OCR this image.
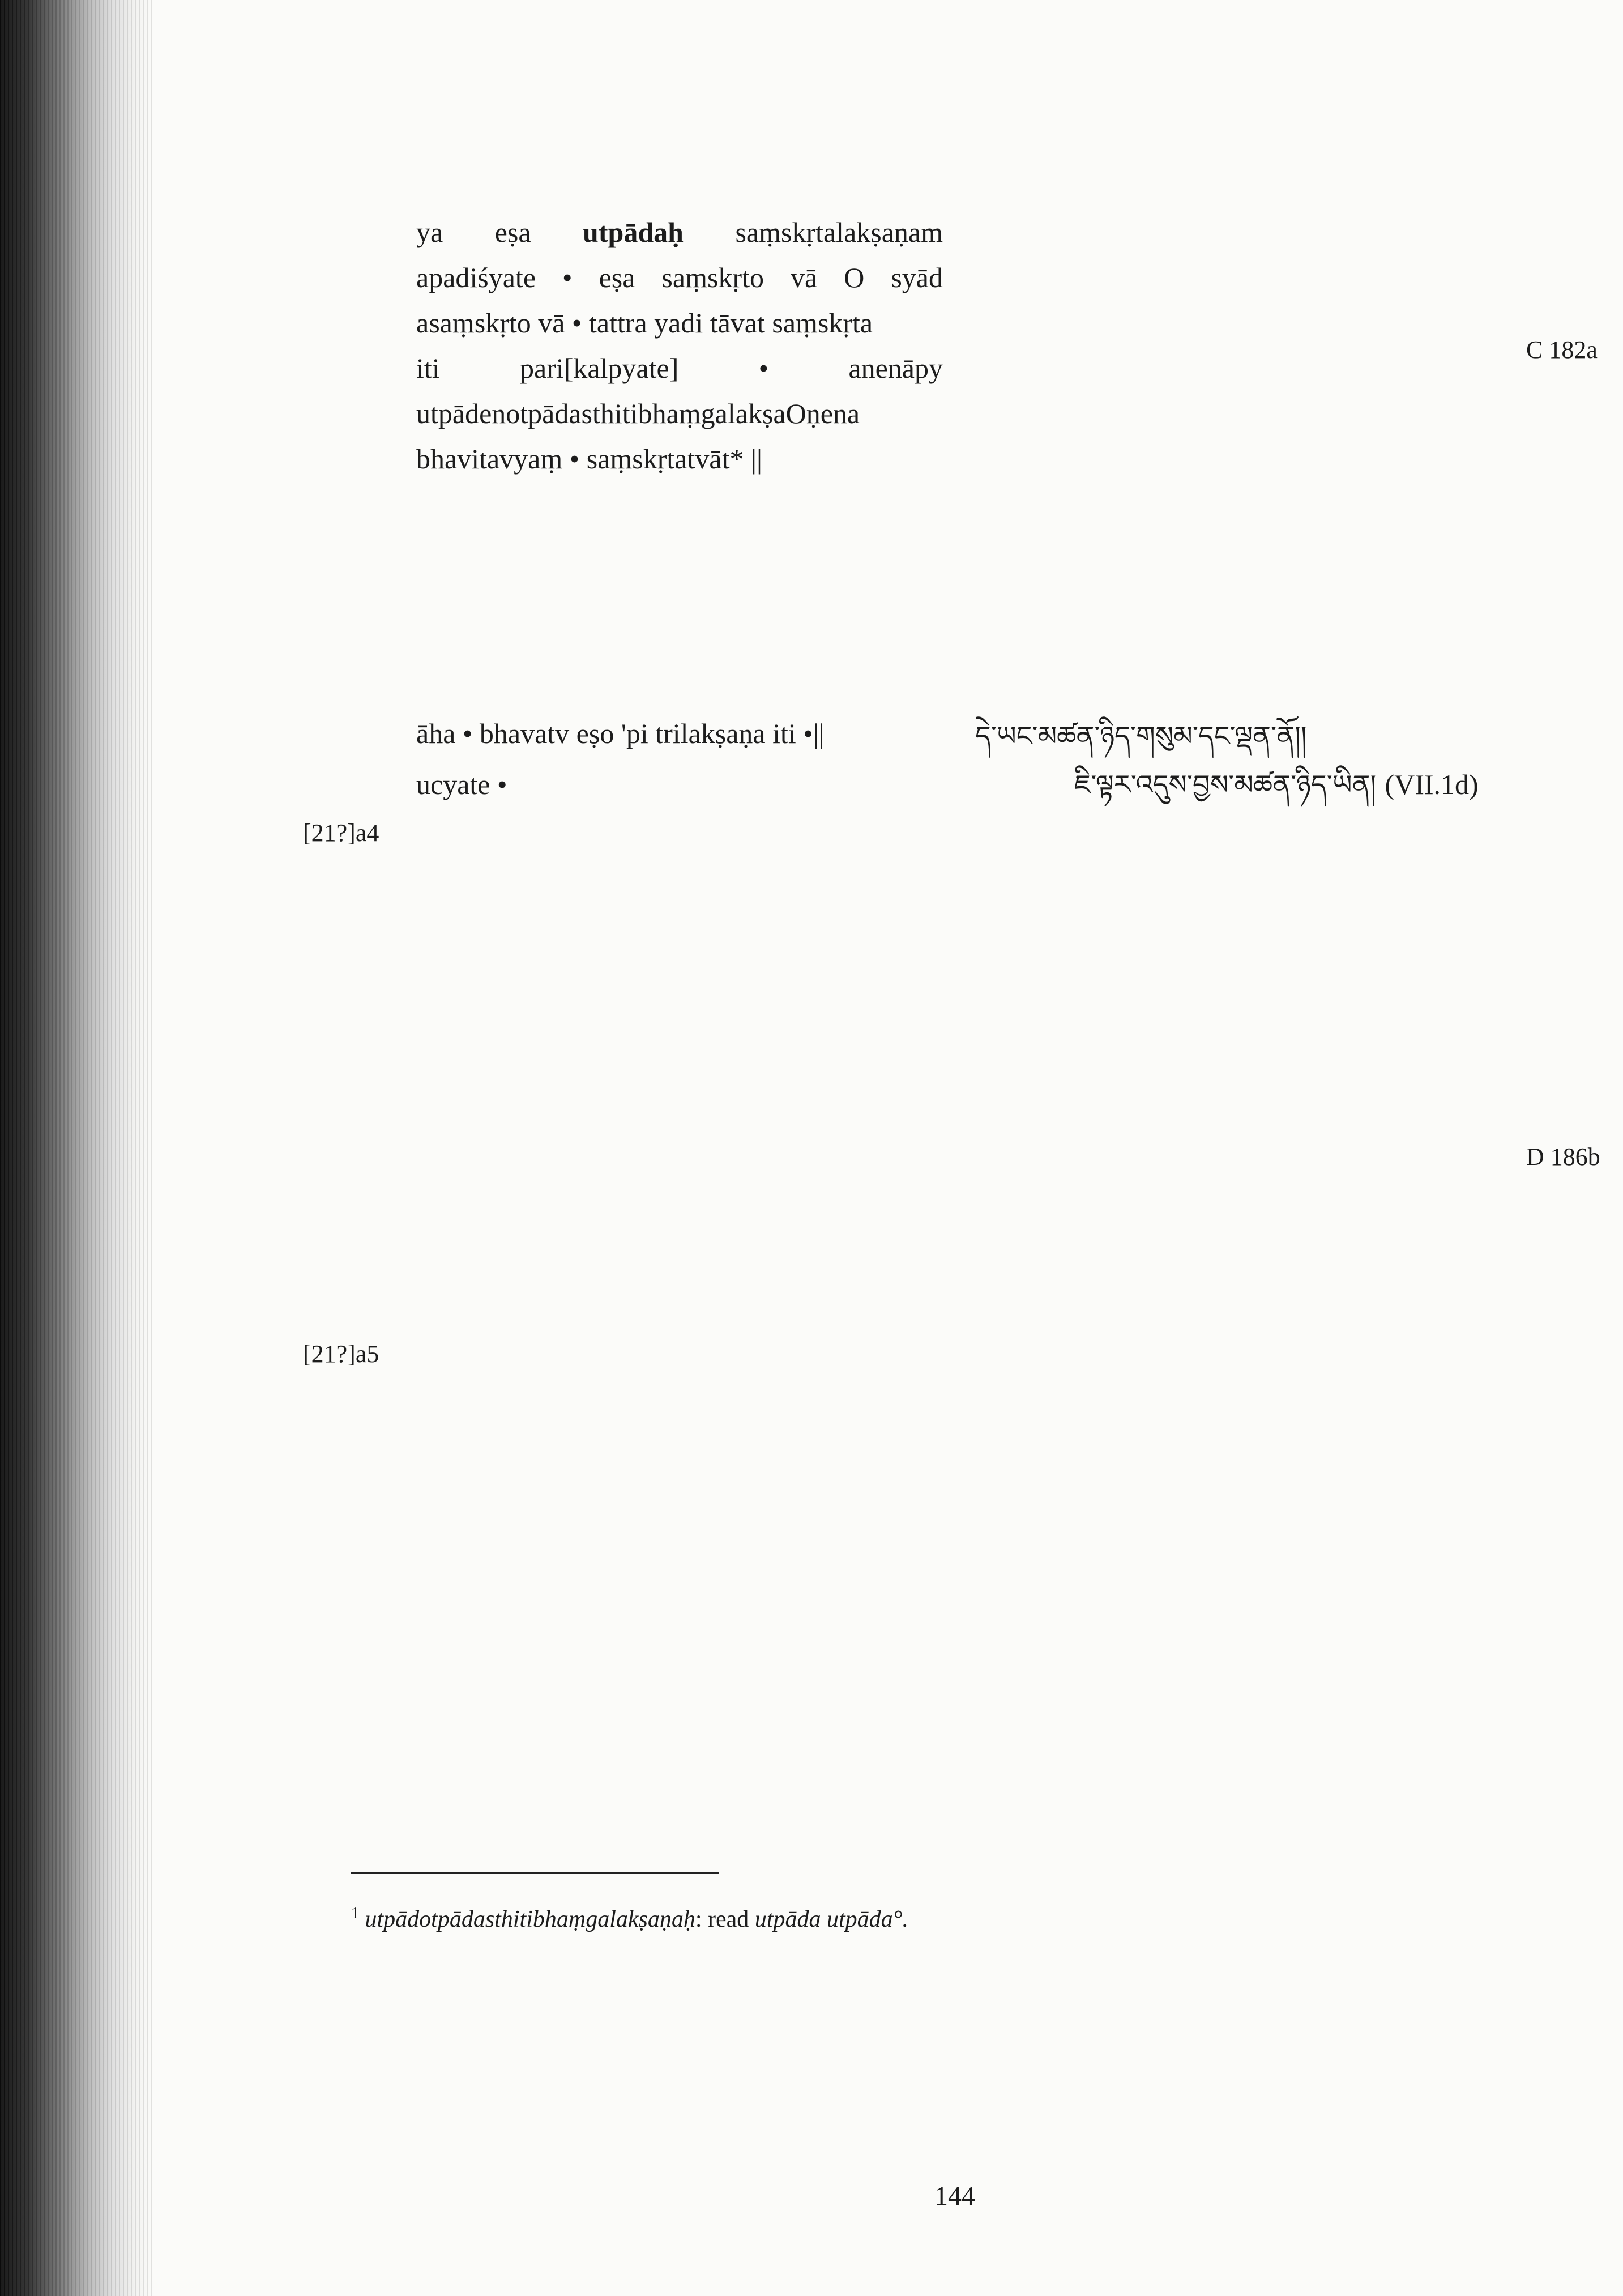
ya eṣa utpādaḥ saṃskṛtalakṣaṇam
apadiśyate • eṣa saṃskṛto vā O syād
asaṃskṛto vā • tattra yadi tāvat saṃskṛta
iti	pari[kalpyate]	•	anenāpy
utpādenotpādasthitibhaṃgalakṣaOṇena
bhavitavyaṃ • saṃskṛtatvāt* ||
āha • bhavatv eṣo 'pi trilakṣaṇa iti •||
ucyate •
དེ་ཡང་མཚན་ཉིད་གསུམ་དང་ལྡན་ནོ།།
ཇི་ལྟར་འདུས་བྱས་མཚན་ཉིད་ཡིན། (VII.1d)
[21?]a4
[21?]a5
C 182a
D 186b
$^1$ utpādotpādasthitibhaṃgalakṣaṇaḥ: read utpāda utpāda°.
144
